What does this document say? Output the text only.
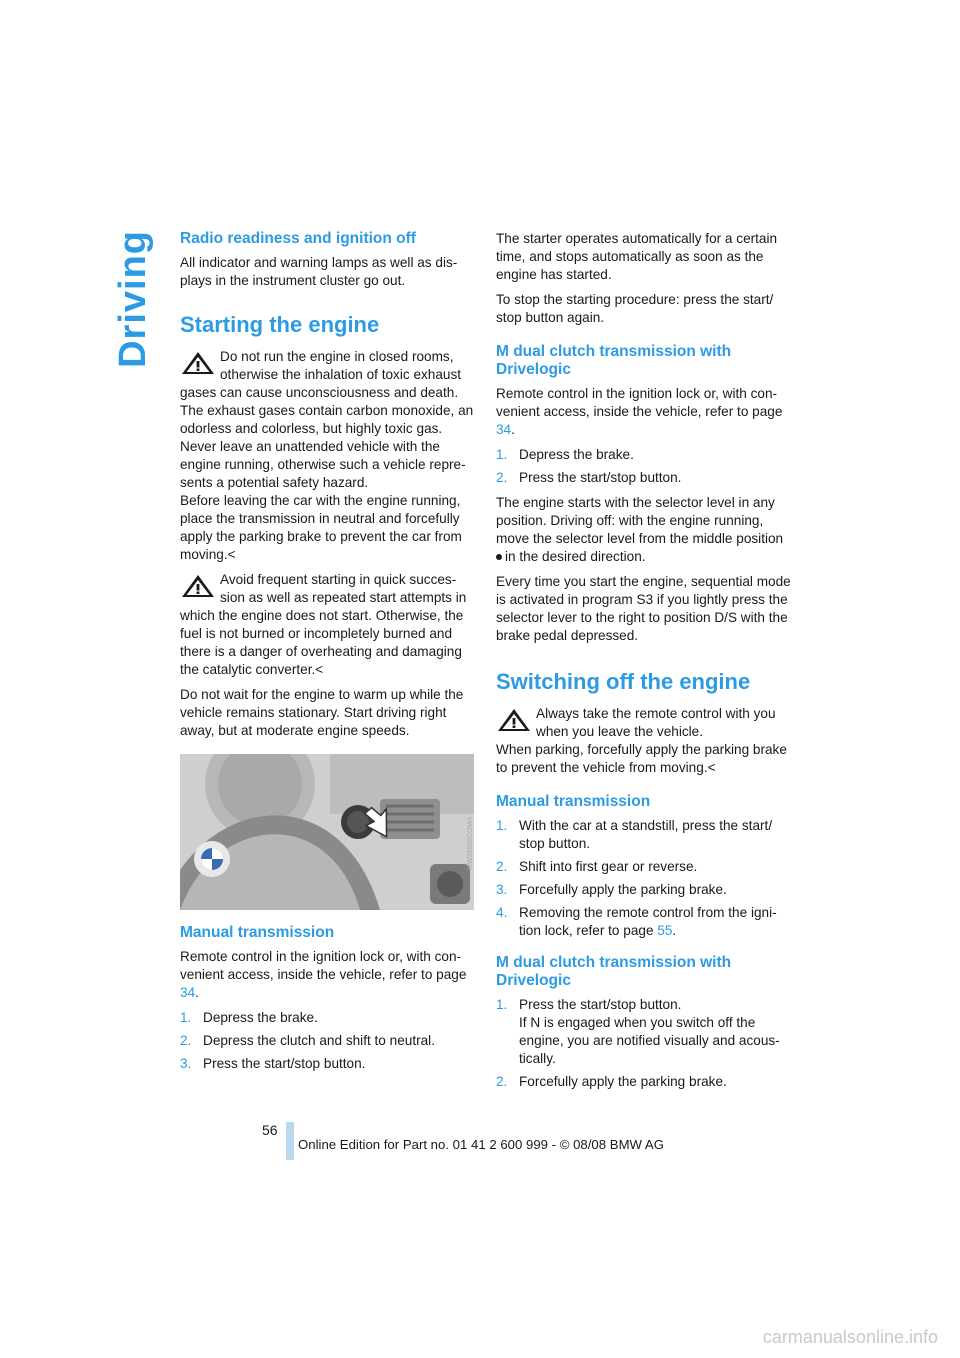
Driving Radio readiness and ignition off

All indicator and warning lamps as well as dis-plays in the instrument cluster go out.

Starting the engine
Do not run the engine in closed rooms, otherwise the inhalation of toxic exhaust gases can cause unconsciousness and death. The exhaust gases contain carbon monoxide, an odorless and colorless, but highly toxic gas. Never leave an unattended vehicle with the engine running, otherwise such a vehicle repre-sents a potential safety hazard.
Before leaving the car with the engine running, place the transmission in neutral and forcefully apply the parking brake to prevent the car from moving.<
Avoid frequent starting in quick succes-sion as well as repeated start attempts in which the engine does not start. Otherwise, the fuel is not burned or incompletely burned and there is a danger of overheating and damaging the catalytic converter.<

Do not wait for the engine to warm up while the vehicle remains stationary. Start driving right away, but at moderate engine speeds.

MW38826COMA
Manual transmission

Remote control in the ignition lock or, with con-venient access, inside the vehicle, refer to page 34.

1. Depress the brake.
2. Depress the clutch and shift to neutral.
3. Press the start/stop button.

The starter operates automatically for a certain time, and stops automatically as soon as the engine has started.

To stop the starting procedure: press the start/ stop button again.

M dual clutch transmission with Drivelogic

Remote control in the ignition lock or, with con-venient access, inside the vehicle, refer to page 34.

1. Depress the brake.
2. Press the start/stop button.

The engine starts with the selector level in any position. Driving off: with the engine running, move the selector level from the middle position in the desired direction.

Every time you start the engine, sequential mode is activated in program S3 if you lightly press the selector lever to the right to position D/S with the brake pedal depressed.

Switching off the engine
Always take the remote control with you when you leave the vehicle.
When parking, forcefully apply the parking brake to prevent the vehicle from moving.<
Manual transmission
1. With the car at a standstill, press the start/ stop button.
2. Shift into first gear or reverse.
3. Forcefully apply the parking brake.
4. Removing the remote control from the igni-tion lock, refer to page 55.
M dual clutch transmission with Drivelogic
1. Press the start/stop button.
If N is engaged when you switch off the engine, you are notified visually and acous-tically.
2. Forcefully apply the parking brake.
56
Online Edition for Part no. 01 41 2 600 999 - © 08/08 BMW AG
carmanualsonline.info
